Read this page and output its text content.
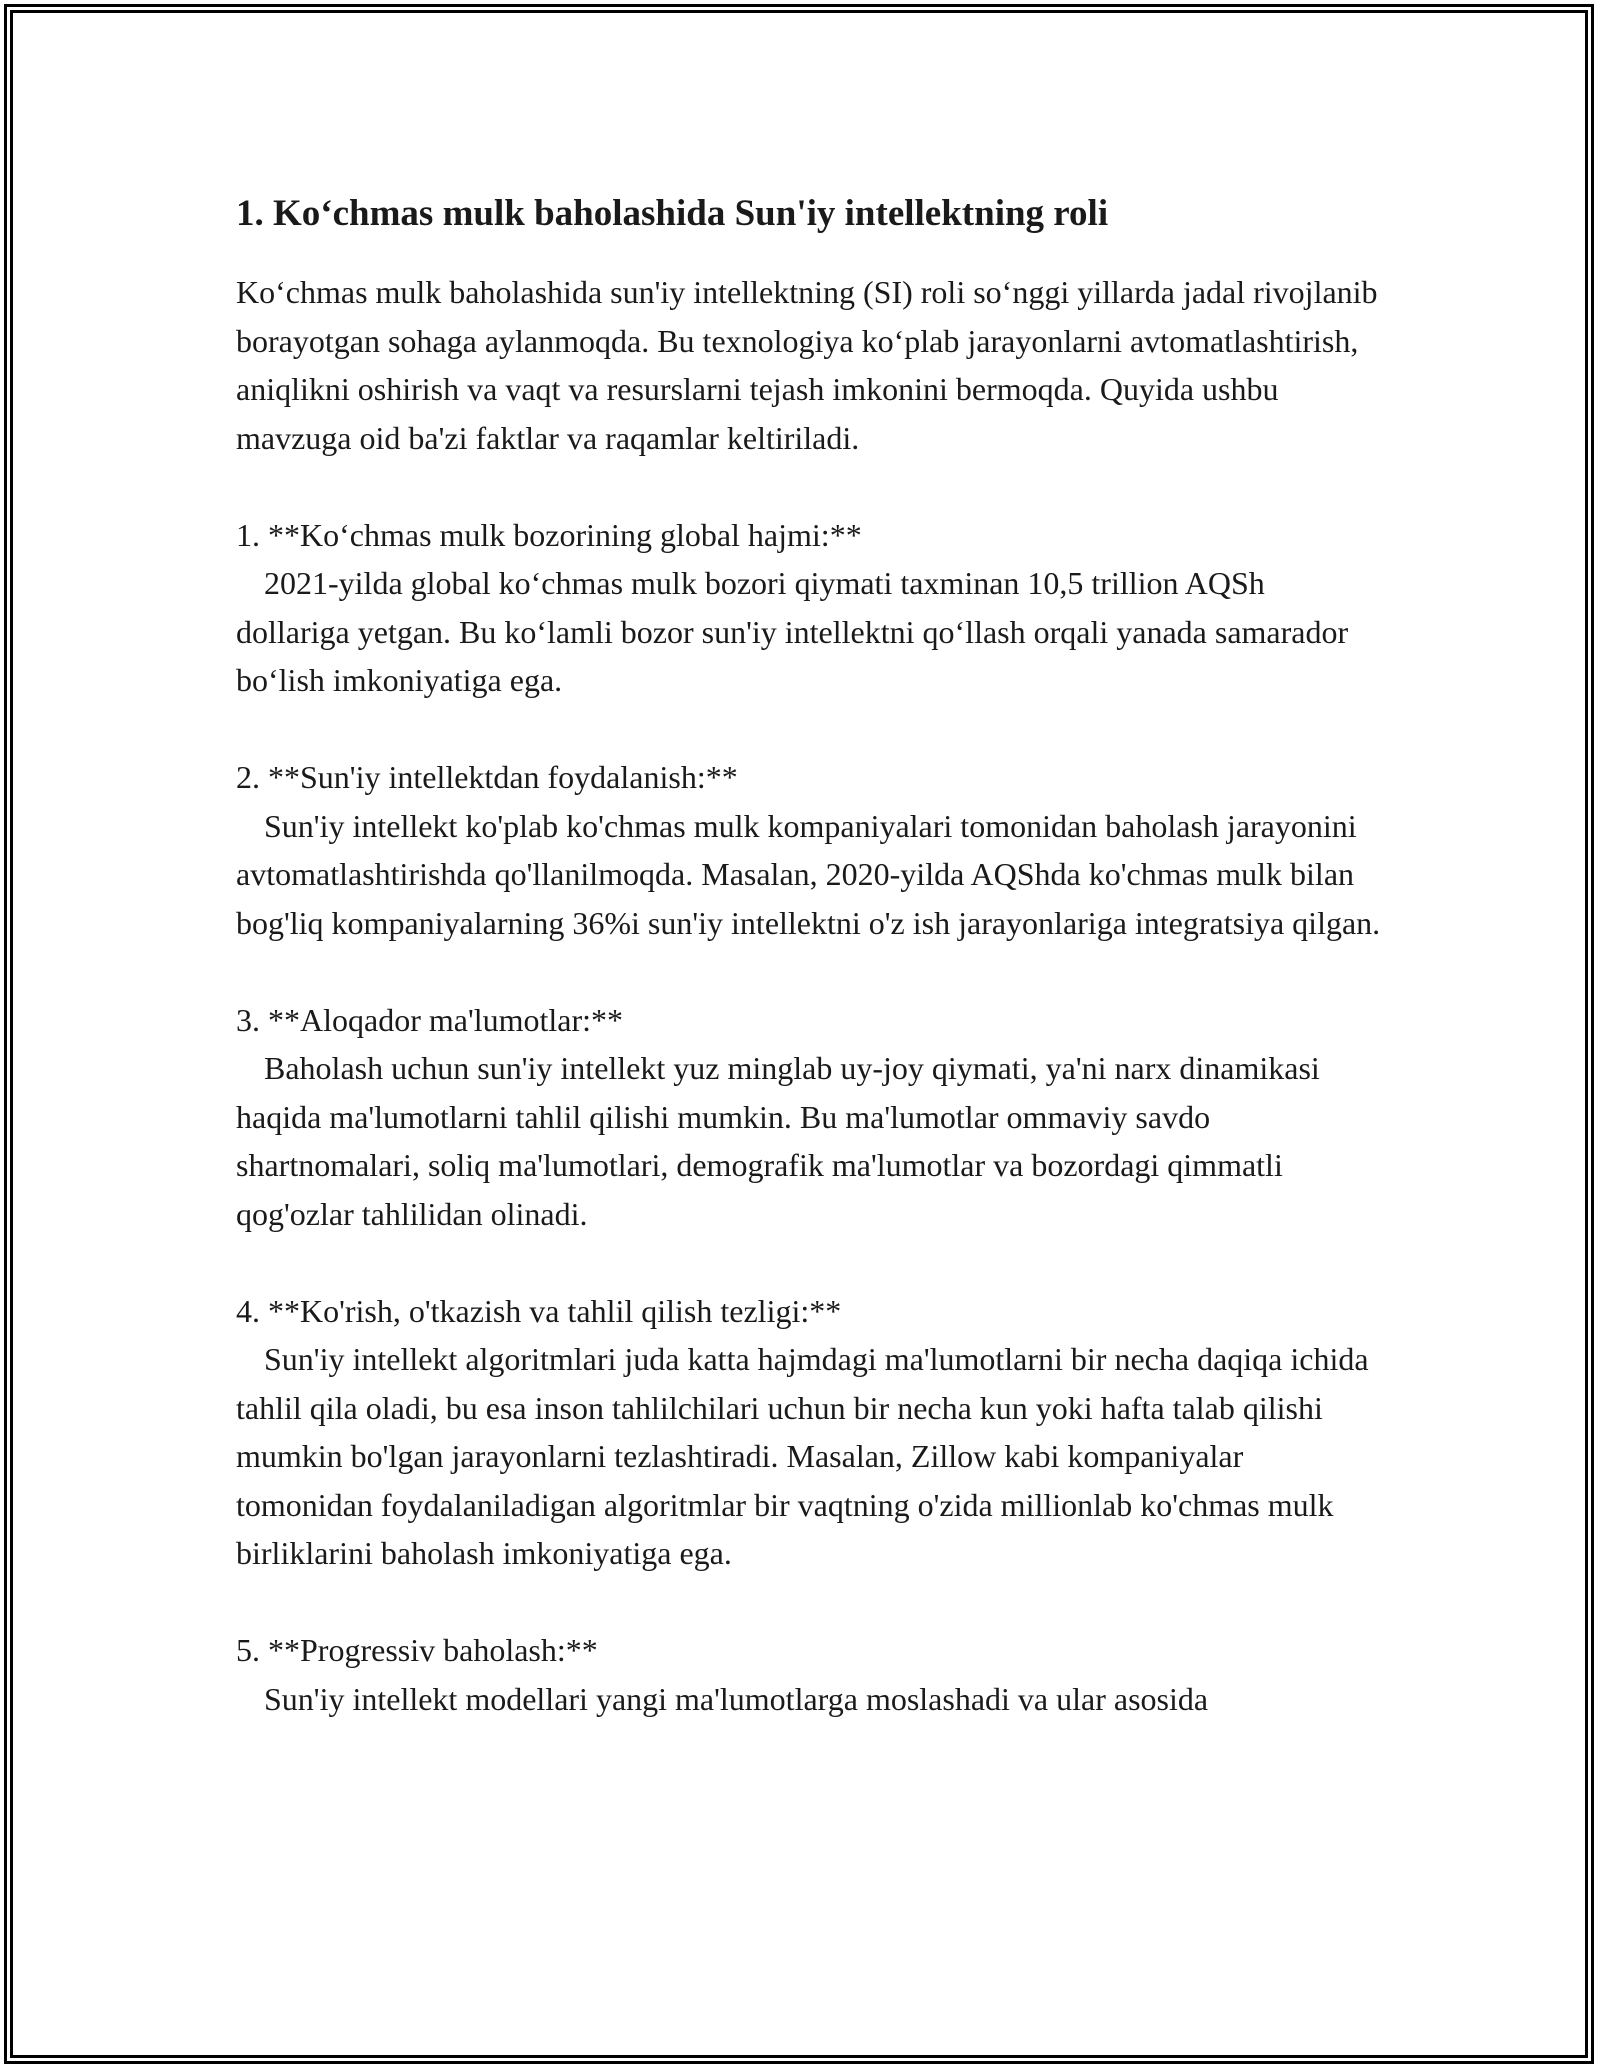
1. Ko‘chmas mulk baholashida Sun'iy intellektning roli

Ko‘chmas mulk baholashida sun'iy intellektning (SI) roli so‘nggi yillarda jadal rivojlanib borayotgan sohaga aylanmoqda. Bu texnologiya ko‘plab jarayonlarni avtomatlashtirish, aniqlikni oshirish va vaqt va resurslarni tejash imkonini bermoqda. Quyida ushbu mavzuga oid ba'zi faktlar va raqamlar keltiriladi.

1. **Ko‘chmas mulk bozorining global hajmi:**
2021-yilda global ko‘chmas mulk bozori qiymati taxminan 10,5 trillion AQSh dollariga yetgan. Bu ko‘lamli bozor sun'iy intellektni qo‘llash orqali yanada samarador bo‘lish imkoniyatiga ega.

2. **Sun'iy intellektdan foydalanish:**
Sun'iy intellekt ko'plab ko'chmas mulk kompaniyalari tomonidan baholash jarayonini avtomatlashtirishda qo'llanilmoqda. Masalan, 2020-yilda AQShda ko'chmas mulk bilan bog'liq kompaniyalarning 36%i sun'iy intellektni o'z ish jarayonlariga integratsiya qilgan.

3. **Aloqador ma'lumotlar:**
Baholash uchun sun'iy intellekt yuz minglab uy-joy qiymati, ya'ni narx dinamikasi haqida ma'lumotlarni tahlil qilishi mumkin. Bu ma'lumotlar ommaviy savdo shartnomalari, soliq ma'lumotlari, demografik ma'lumotlar va bozordagi qimmatli qog'ozlar tahlilidan olinadi.

4. **Ko'rish, o'tkazish va tahlil qilish tezligi:**
Sun'iy intellekt algoritmlari juda katta hajmdagi ma'lumotlarni bir necha daqiqa ichida tahlil qila oladi, bu esa inson tahlilchilari uchun bir necha kun yoki hafta talab qilishi mumkin bo'lgan jarayonlarni tezlashtiradi. Masalan, Zillow kabi kompaniyalar tomonidan foydalaniladigan algoritmlar bir vaqtning o'zida millionlab ko'chmas mulk birliklarini baholash imkoniyatiga ega.

5. **Progressiv baholash:**
Sun'iy intellekt modellari yangi ma'lumotlarga moslashadi va ular asosida
